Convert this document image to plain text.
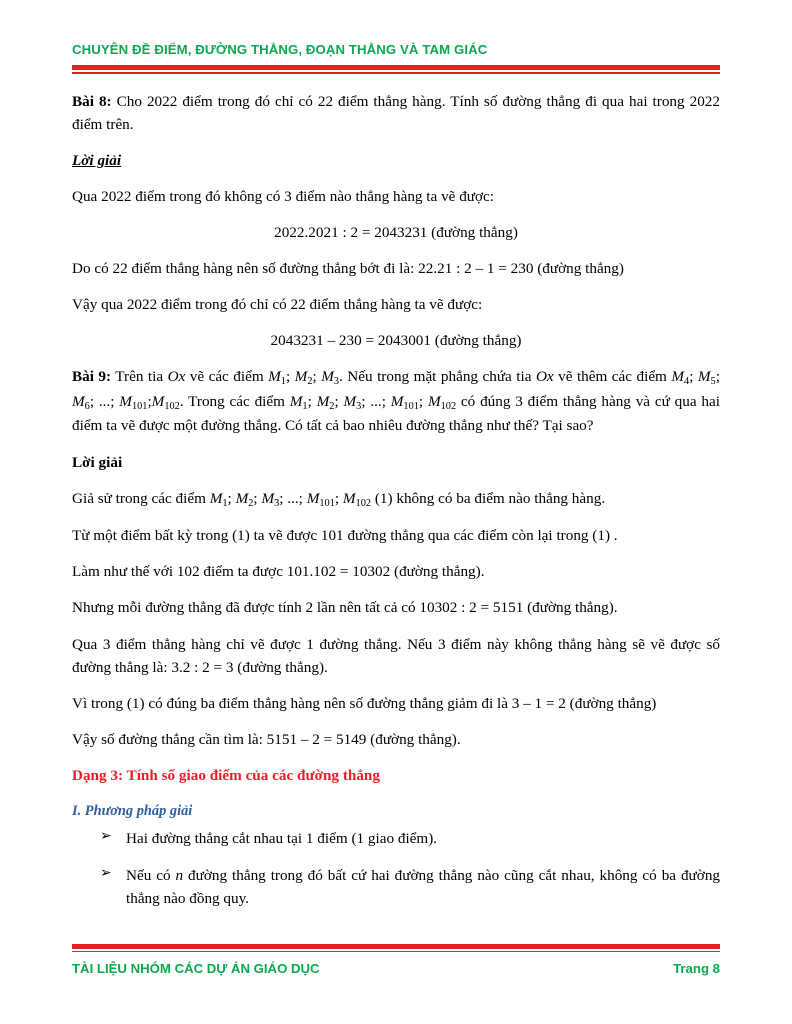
CHUYÊN ĐỀ ĐIỂM, ĐƯỜNG THẲNG, ĐOẠN THẲNG VÀ TAM GIÁC

Bài 8: Cho 2022 điểm trong đó chỉ có 22 điểm thẳng hàng. Tính số đường thẳng đi qua hai trong 2022 điểm trên.

Lời giải

Qua 2022 điểm trong đó không có 3 điểm nào thẳng hàng ta vẽ được:

2022.2021 : 2 = 2043231 (đường thẳng)

Do có 22 điểm thẳng hàng nên số đường thẳng bớt đi là: 22.21 : 2 – 1 = 230 (đường thẳng)

Vậy qua 2022 điểm trong đó chỉ có 22 điểm thẳng hàng ta vẽ được:

2043231 – 230 = 2043001 (đường thẳng)

Bài 9: Trên tia Ox vẽ các điểm $M_1$; $M_2$; $M_3$. Nếu trong mặt phẳng chứa tia Ox vẽ thêm các điểm $M_4$; $M_5$; $M_6$; ...; $M_{101};M_{102}$. Trong các điểm $M_1$; $M_2$; $M_3$; ...; $M_{101}$; $M_{102}$ có đúng 3 điểm thẳng hàng và cứ qua hai điểm ta vẽ được một đường thẳng. Có tất cả bao nhiêu đường thẳng như thế? Tại sao?

Lời giải

Giả sử trong các điểm $M_1$; $M_2$; $M_3$; ...; $M_{101}$; $M_{102}$ (1) không có ba điểm nào thẳng hàng.

Từ một điểm bất kỳ trong (1) ta vẽ được 101 đường thẳng qua các điểm còn lại trong (1) .

Làm như thế với 102 điểm ta được 101.102 = 10302 (đường thẳng).

Nhưng mỗi đường thẳng đã được tính 2 lần nên tất cả có 10302 : 2 = 5151 (đường thẳng).

Qua 3 điểm thẳng hàng chỉ vẽ được 1 đường thẳng. Nếu 3 điểm này không thẳng hàng sẽ vẽ được số đường thẳng là: 3.2 : 2 = 3 (đường thẳng).

Vì trong (1) có đúng ba điểm thẳng hàng nên số đường thẳng giảm đi là 3 – 1 = 2 (đường thẳng)

Vậy số đường thẳng cần tìm là: 5151 – 2 = 5149 (đường thẳng).

Dạng 3: Tính số giao điểm của các đường thẳng

I. Phương pháp giải

➢ Hai đường thẳng cắt nhau tại 1 điểm (1 giao điểm).
➢ Nếu có n đường thẳng trong đó bất cứ hai đường thẳng nào cũng cắt nhau, không có ba đường thẳng nào đồng quy.
TÀI LIỆU NHÓM CÁC DỰ ÁN GIÁO DỤC	Trang 8
